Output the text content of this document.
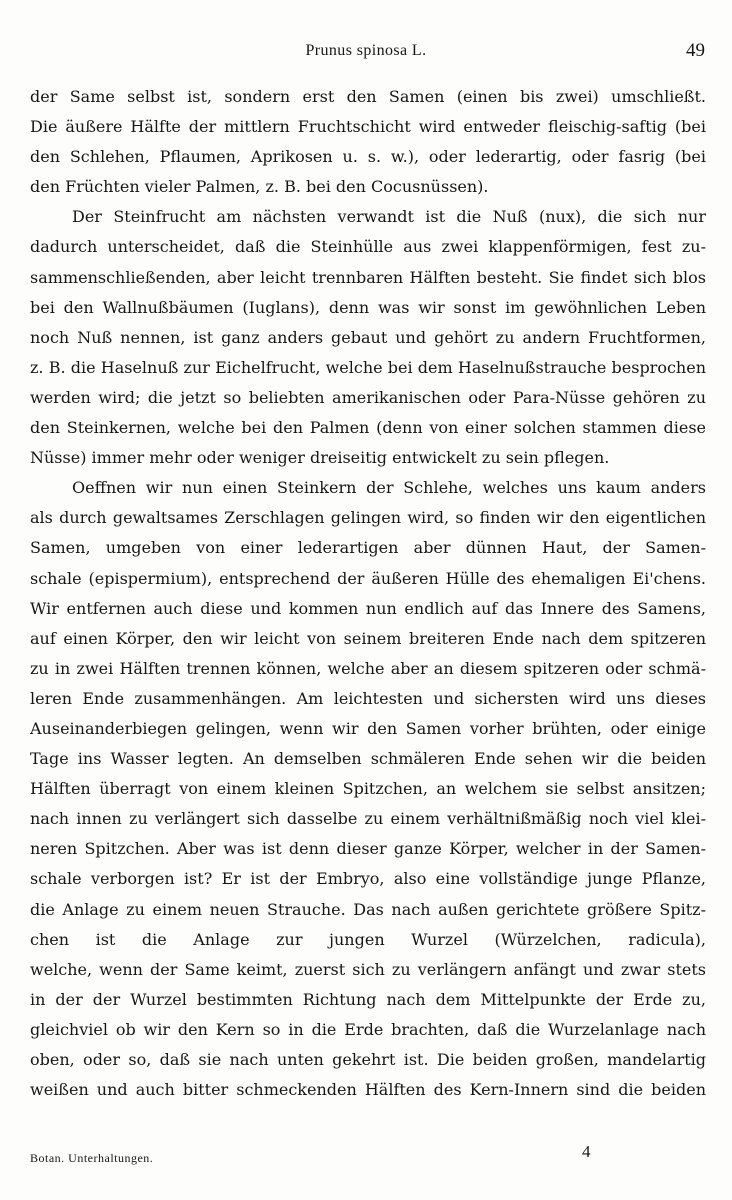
Prunus spinosa L.	49
der Same selbst ist, sondern erst den Samen (einen bis zwei) umschließt.
Die äußere Hälfte der mittlern Fruchtschicht wird entweder fleischig-saftig (bei
den Schlehen, Pflaumen, Aprikosen u. s. w.), oder lederartig, oder fasrig (bei
den Früchten vieler Palmen, z. B. bei den Cocusnüssen).
Der Steinfrucht am nächsten verwandt ist die Nuß (nux), die sich nur
dadurch unterscheidet, daß die Steinhülle aus zwei klappenförmigen, fest zu-
sammenschließenden, aber leicht trennbaren Hälften besteht. Sie findet sich blos
bei den Wallnußbäumen (Iuglans), denn was wir sonst im gewöhnlichen Leben
noch Nuß nennen, ist ganz anders gebaut und gehört zu andern Fruchtformen,
z. B. die Haselnuß zur Eichelfrucht, welche bei dem Haselnußstrauche besprochen
werden wird; die jetzt so beliebten amerikanischen oder Para-Nüsse gehören zu
den Steinkernen, welche bei den Palmen (denn von einer solchen stammen diese
Nüsse) immer mehr oder weniger dreiseitig entwickelt zu sein pflegen.
Oeffnen wir nun einen Steinkern der Schlehe, welches uns kaum anders
als durch gewaltsames Zerschlagen gelingen wird, so finden wir den eigentlichen
Samen, umgeben von einer lederartigen aber dünnen Haut, der Samen-
schale (epispermium), entsprechend der äußeren Hülle des ehemaligen Ei'chens.
Wir entfernen auch diese und kommen nun endlich auf das Innere des Samens,
auf einen Körper, den wir leicht von seinem breiteren Ende nach dem spitzeren
zu in zwei Hälften trennen können, welche aber an diesem spitzeren oder schmä-
leren Ende zusammenhängen. Am leichtesten und sichersten wird uns dieses
Auseinanderbiegen gelingen, wenn wir den Samen vorher brühten, oder einige
Tage ins Wasser legten. An demselben schmäleren Ende sehen wir die beiden
Hälften überragt von einem kleinen Spitzchen, an welchem sie selbst ansitzen;
nach innen zu verlängert sich dasselbe zu einem verhältnißmäßig noch viel klei-
neren Spitzchen. Aber was ist denn dieser ganze Körper, welcher in der Samen-
schale verborgen ist? Er ist der Embryo, also eine vollständige junge Pflanze,
die Anlage zu einem neuen Strauche. Das nach außen gerichtete größere Spitz-
chen ist die Anlage zur jungen Wurzel (Würzelchen, radicula),
welche, wenn der Same keimt, zuerst sich zu verlängern anfängt und zwar stets
in der der Wurzel bestimmten Richtung nach dem Mittelpunkte der Erde zu,
gleichviel ob wir den Kern so in die Erde brachten, daß die Wurzelanlage nach
oben, oder so, daß sie nach unten gekehrt ist. Die beiden großen, mandelartig
weißen und auch bitter schmeckenden Hälften des Kern-Innern sind die beiden
Botan. Unterhaltungen.	4
